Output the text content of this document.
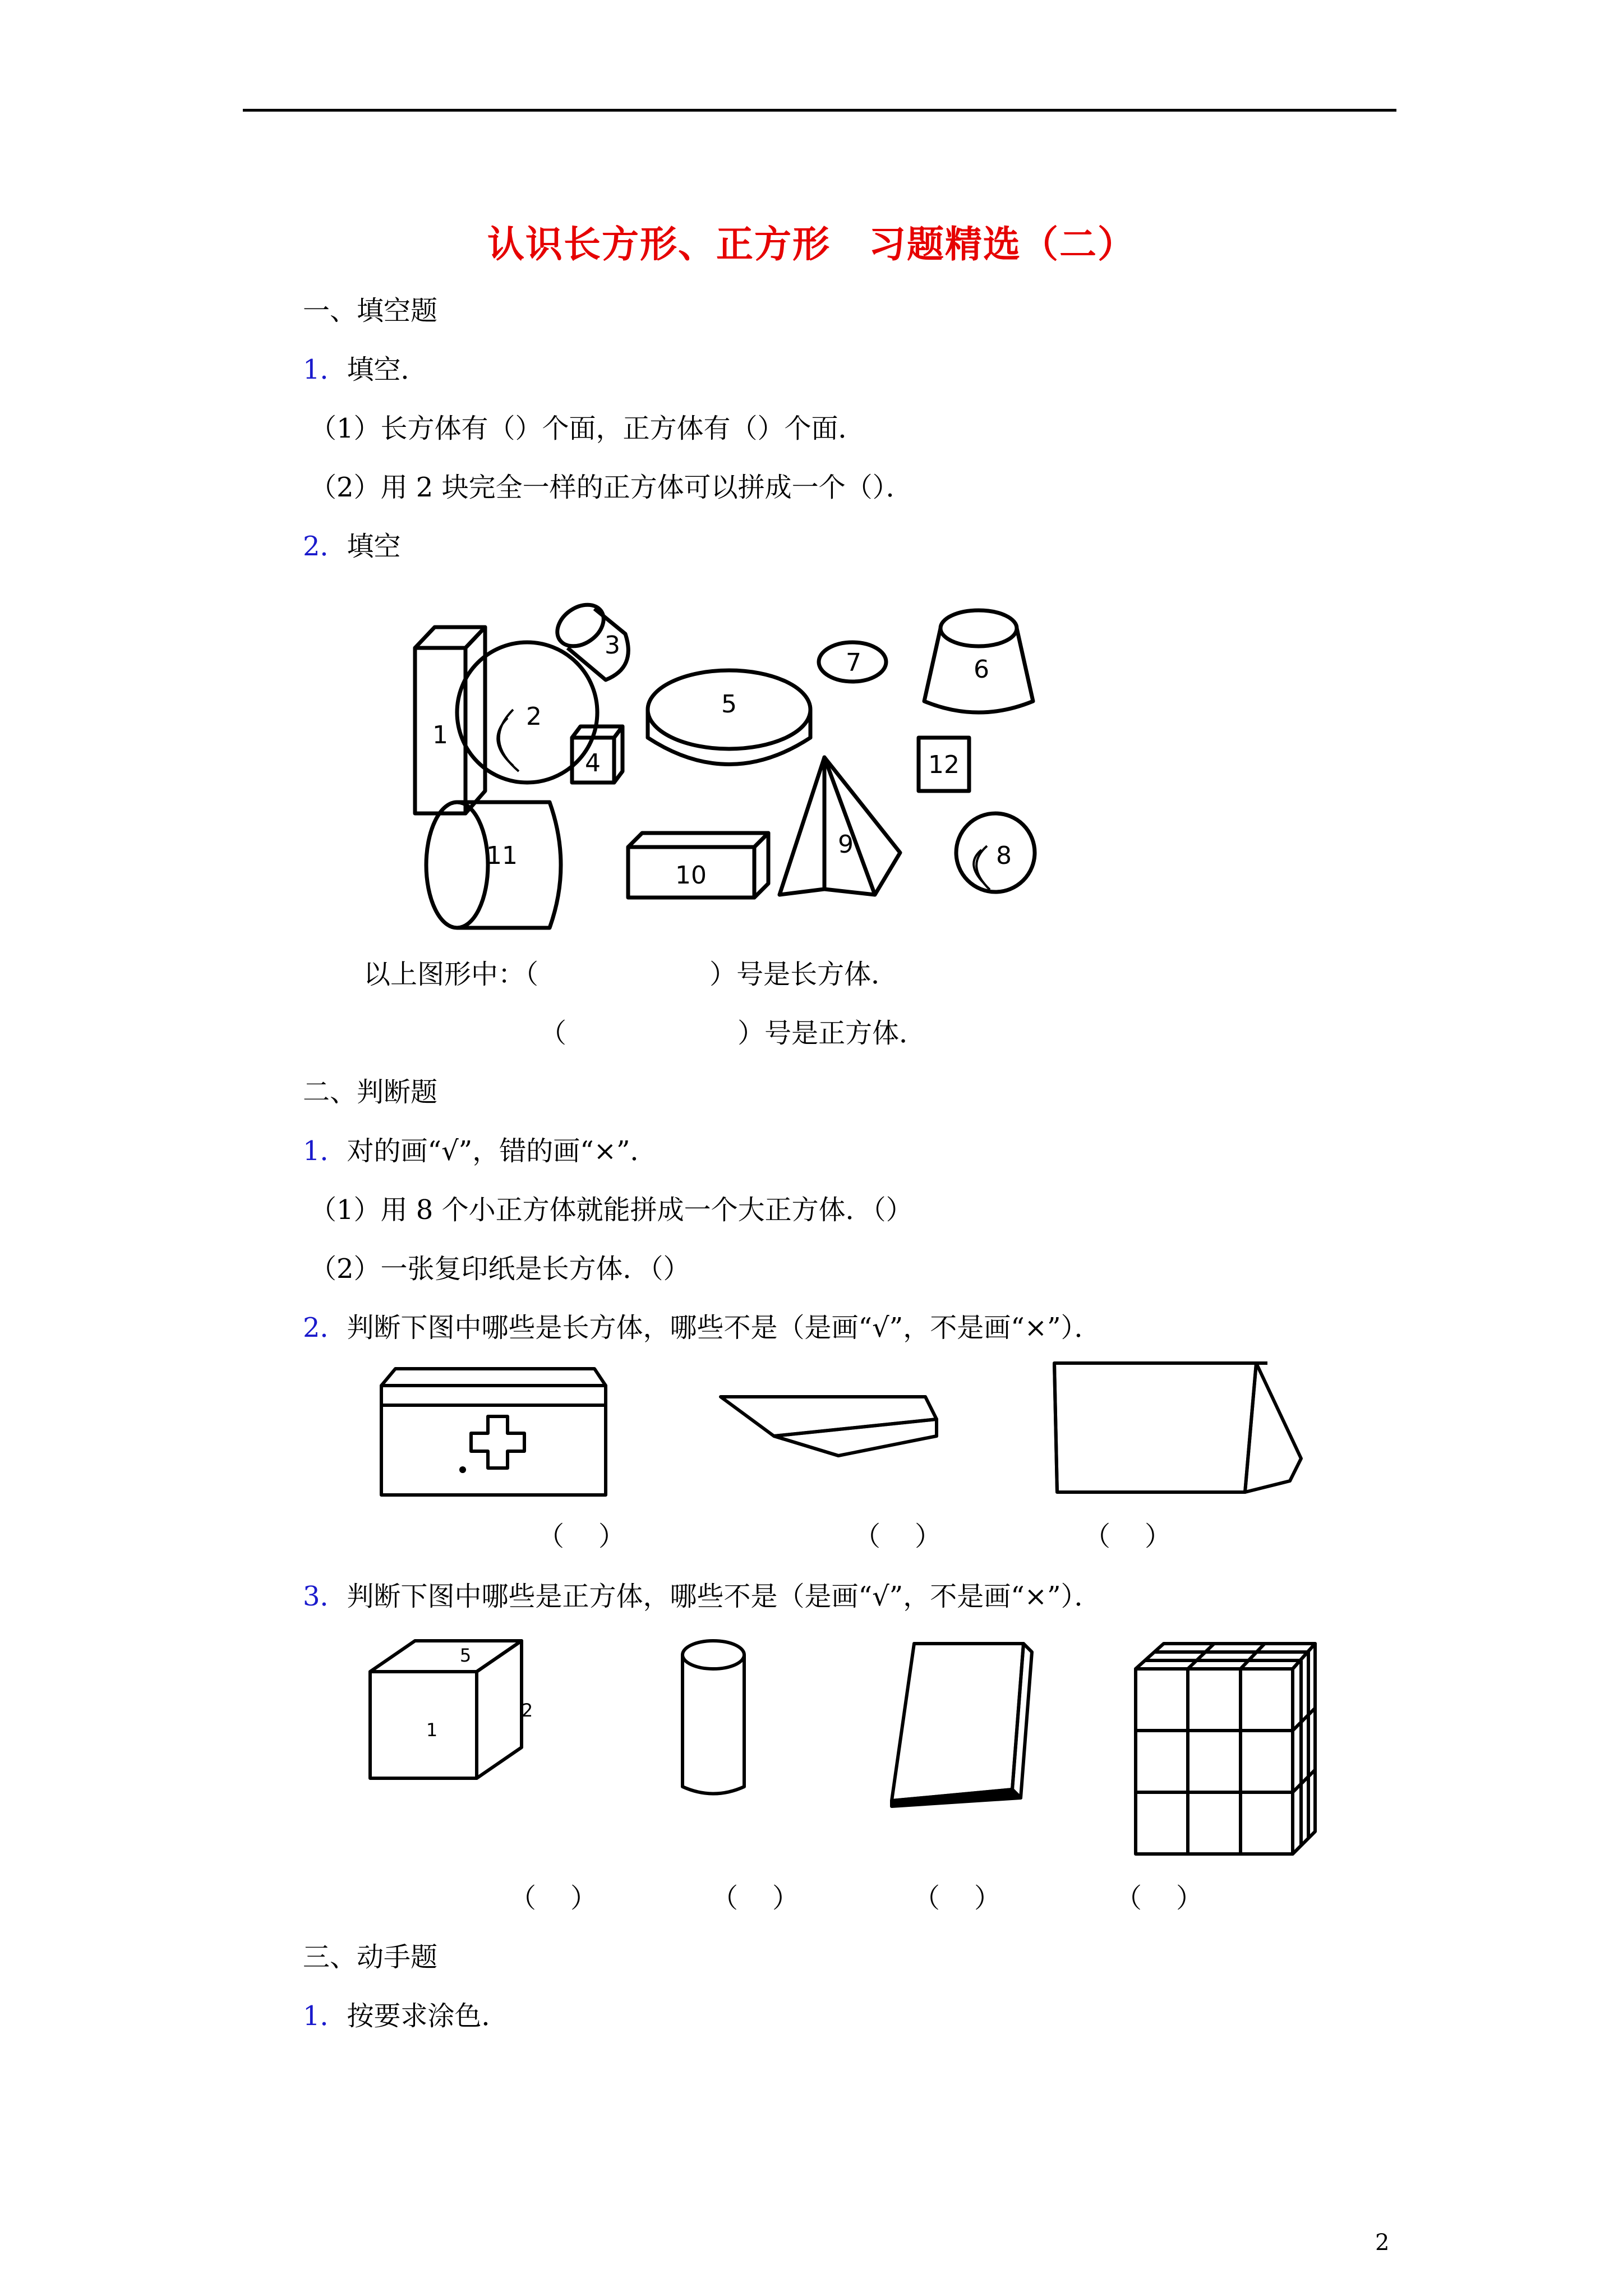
认识长方形、正方形　习题精选（二）
一、填空题
1．填空．
（1）长方体有（）个面，正方体有（）个面．
（2）用 2 块完全一样的正方体可以拼成一个（）．
2．填空
1
2
3
4
5
6
7
12
11
10
9	8
以上图形中：（                    ）号是长方体．
（                    ）号是正方体．
二、判断题
1．对的画“√”，错的画“×”．
（1）用 8 个小正方体就能拼成一个大正方体．（）
（2）一张复印纸是长方体．（）
2．判断下图中哪些是长方体，哪些不是（是画“√”，不是画“×”）．
（    ）	（    ）	（    ）
3．判断下图中哪些是正方体，哪些不是（是画“√”，不是画“×”）．
5
1
2
（    ）	（    ）	（    ）	（    ）
三、动手题
1．按要求涂色．
2
